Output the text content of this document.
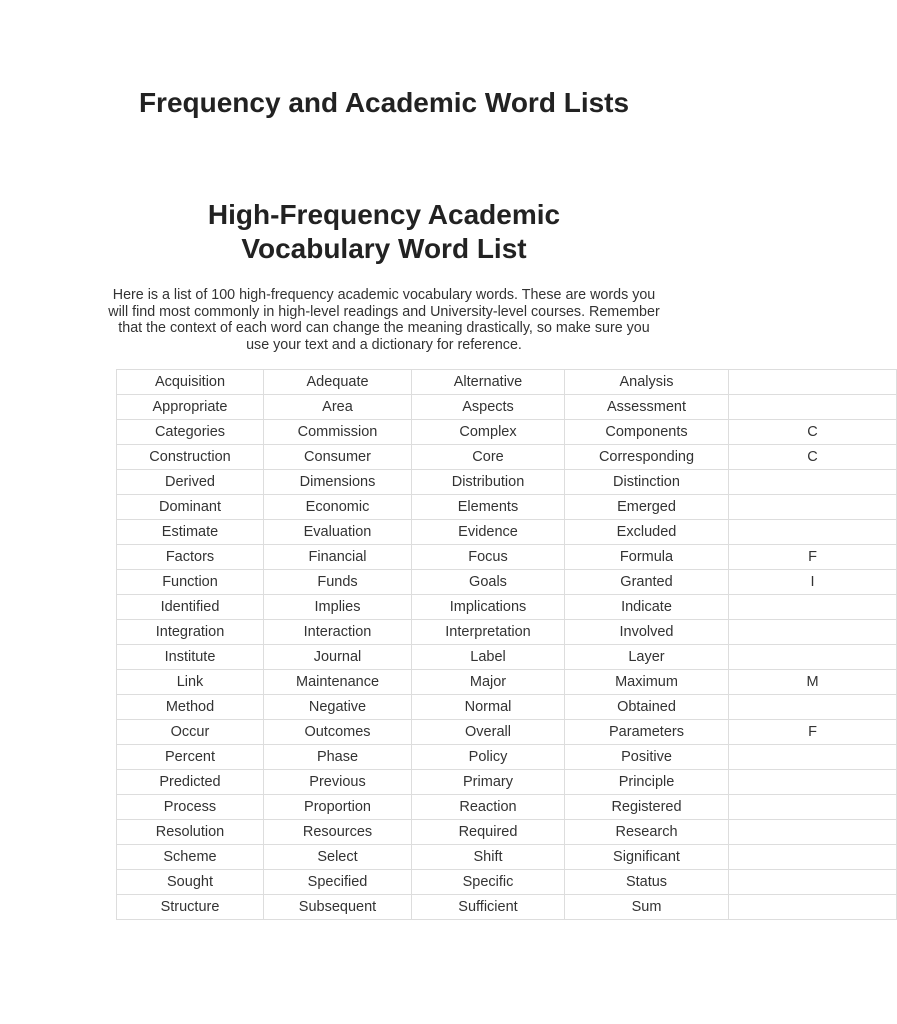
Frequency and Academic Word Lists
High-Frequency Academic Vocabulary Word List

Here is a list of 100 high-frequency academic vocabulary words. These are words you will find most commonly in high-level readings and University-level courses. Remember that the context of each word can change the meaning drastically, so make sure you use your text and a dictionary for reference.

Acquisition	Adequate	Alternative	Analysis	
Appropriate	Area	Aspects	Assessment	
Categories	Commission	Complex	Components	C
Construction	Consumer	Core	Corresponding	C
Derived	Dimensions	Distribution	Distinction	
Dominant	Economic	Elements	Emerged	
Estimate	Evaluation	Evidence	Excluded	
Factors	Financial	Focus	Formula	F
Function	Funds	Goals	Granted	I
Identified	Implies	Implications	Indicate	
Integration	Interaction	Interpretation	Involved	
Institute	Journal	Label	Layer	
Link	Maintenance	Major	Maximum	M
Method	Negative	Normal	Obtained	
Occur	Outcomes	Overall	Parameters	F
Percent	Phase	Policy	Positive	
Predicted	Previous	Primary	Principle	
Process	Proportion	Reaction	Registered	
Resolution	Resources	Required	Research	
Scheme	Select	Shift	Significant	
Sought	Specified	Specific	Status	
Structure	Subsequent	Sufficient	Sum	
